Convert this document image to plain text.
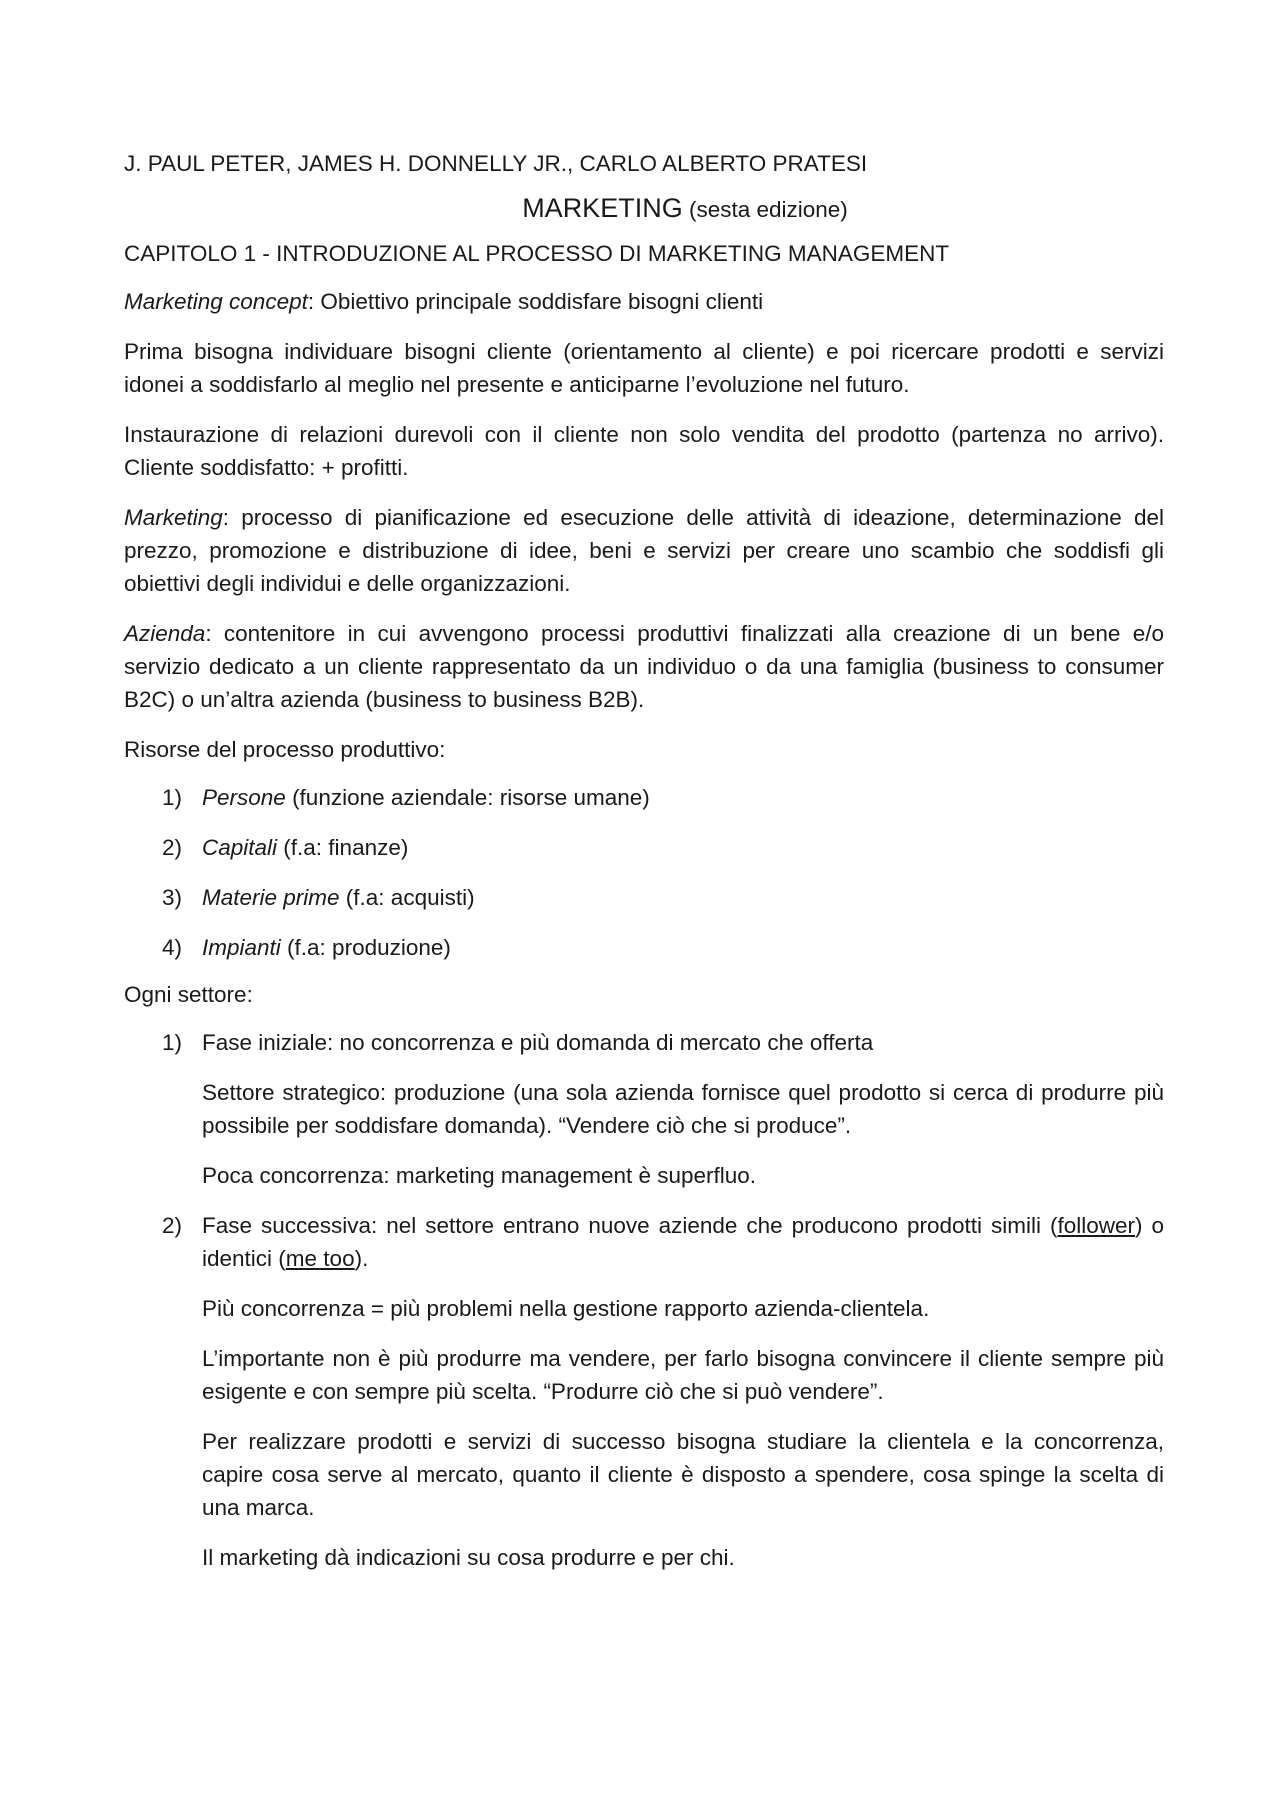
J. PAUL PETER, JAMES H. DONNELLY JR., CARLO ALBERTO PRATESI

MARKETING (sesta edizione)

CAPITOLO 1 - INTRODUZIONE AL PROCESSO DI MARKETING MANAGEMENT

Marketing concept: Obiettivo principale soddisfare bisogni clienti

Prima bisogna individuare bisogni cliente (orientamento al cliente) e poi ricercare prodotti e servizi idonei a soddisfarlo al meglio nel presente e anticiparne l’evoluzione nel futuro.

Instaurazione di relazioni durevoli con il cliente non solo vendita del prodotto (partenza no arrivo). Cliente soddisfatto: + profitti.

Marketing: processo di pianificazione ed esecuzione delle attività di ideazione, determinazione del prezzo, promozione e distribuzione di idee, beni e servizi per creare uno scambio che soddisfi gli obiettivi degli individui e delle organizzazioni.

Azienda: contenitore in cui avvengono processi produttivi finalizzati alla creazione di un bene e/o servizio dedicato a un cliente rappresentato da un individuo o da una famiglia (business to consumer B2C) o un’altra azienda (business to business B2B).

Risorse del processo produttivo:

1) Persone (funzione aziendale: risorse umane)
2) Capitali (f.a: finanze)
3) Materie prime (f.a: acquisti)
4) Impianti (f.a: produzione)

Ogni settore:

1) Fase iniziale: no concorrenza e più domanda di mercato che offerta

Settore strategico: produzione (una sola azienda fornisce quel prodotto si cerca di produrre più possibile per soddisfare domanda). “Vendere ciò che si produce”.

Poca concorrenza: marketing management è superfluo.

2) Fase successiva: nel settore entrano nuove aziende che producono prodotti simili (follower) o identici (me too).

Più concorrenza = più problemi nella gestione rapporto azienda-clientela.

L’importante non è più produrre ma vendere, per farlo bisogna convincere il cliente sempre più esigente e con sempre più scelta. “Produrre ciò che si può vendere”.

Per realizzare prodotti e servizi di successo bisogna studiare la clientela e la concorrenza, capire cosa serve al mercato, quanto il cliente è disposto a spendere, cosa spinge la scelta di una marca.

Il marketing dà indicazioni su cosa produrre e per chi.
